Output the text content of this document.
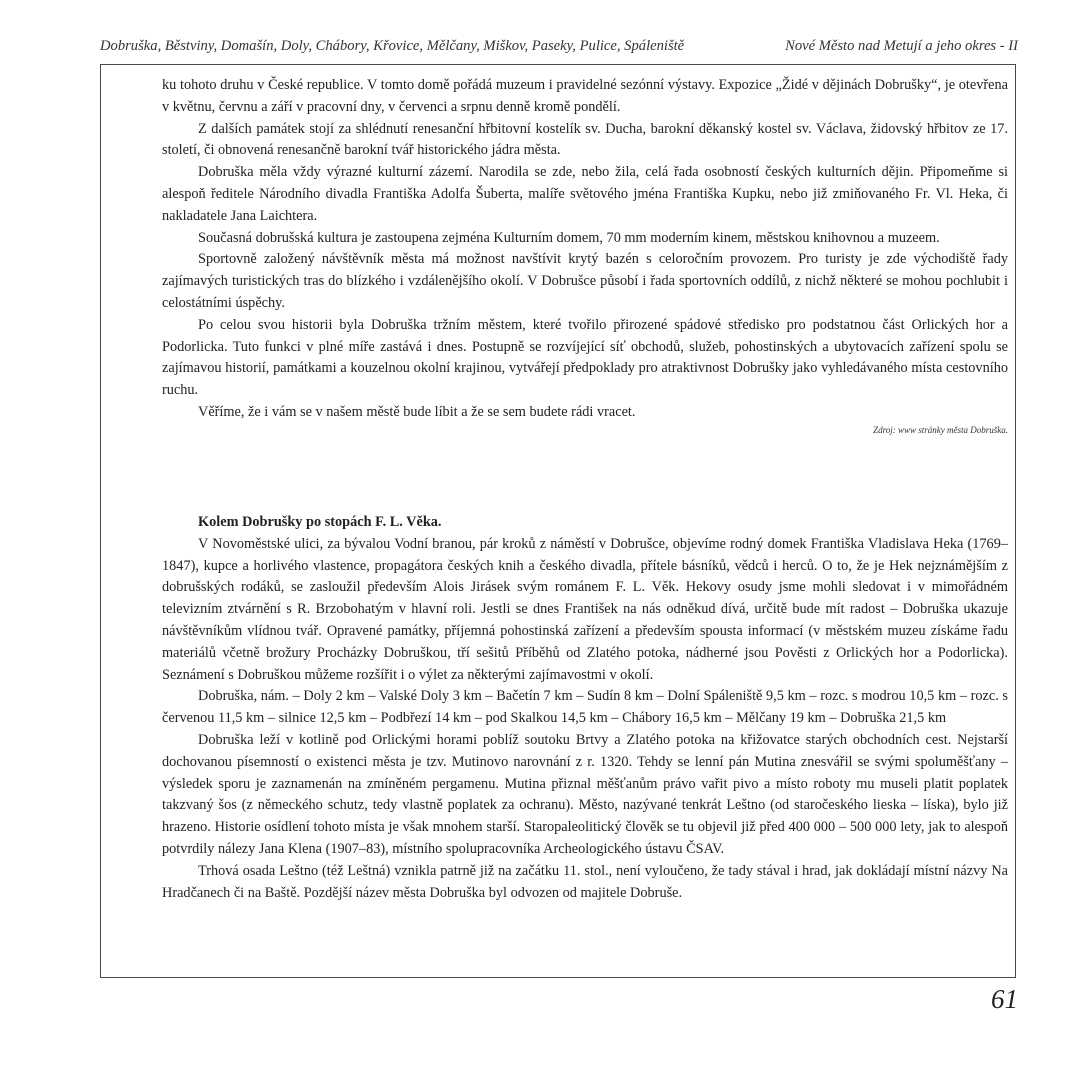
Dobruška, Běstviny, Domašín, Doly, Chábory, Křovice, Mělčany, Miškov, Paseky, Pulice, Spáleniště	Nové Město nad Metují a jeho okres - II

ku tohoto druhu v České republice. V tomto domě pořádá muzeum i pravidelné sezónní výstavy. Expozice „Židé v dějinách Dobrušky“, je otevřena v květnu, červnu a září v pracovní dny, v červenci a srpnu denně kromě pondělí.

Z dalších památek stojí za shlédnutí renesanční hřbitovní kostelík sv. Ducha, barokní děkanský kostel sv. Václava, židovský hřbitov ze 17. století, či obnovená renesančně barokní tvář historického jádra města.

Dobruška měla vždy výrazné kulturní zázemí. Narodila se zde, nebo žila, celá řada osobností českých kulturních dějin. Připomeňme si alespoň ředitele Národního divadla Františka Adolfa Šuberta, malíře světového jména Františka Kupku, nebo již zmiňovaného Fr. Vl. Heka, či nakladatele Jana Laichtera.

Současná dobrušská kultura je zastoupena zejména Kulturním domem, 70 mm moderním kinem, městskou knihovnou a muzeem.

Sportovně založený návštěvník města má možnost navštívit krytý bazén s celoročním provozem. Pro turisty je zde východiště řady zajímavých turistických tras do blízkého i vzdálenějšího okolí. V Dobrušce působí i řada sportovních oddílů, z nichž některé se mohou pochlubit i celostátními úspěchy.

Po celou svou historii byla Dobruška tržním městem, které tvořilo přirozené spádové středisko pro podstatnou část Orlických hor a Podorlicka. Tuto funkci v plné míře zastává i dnes. Postupně se rozvíjející síť obchodů, služeb, pohostinských a ubytovacích zařízení spolu se zajímavou historií, památkami a kouzelnou okolní krajinou, vytvářejí předpoklady pro atraktivnost Dobrušky jako vyhledávaného místa cestovního ruchu.

Věříme, že i vám se v našem městě bude líbit a že se sem budete rádi vracet.

Zdroj: www stránky města Dobruška.

Kolem Dobrušky po stopách F. L. Věka.

V Novoměstské ulici, za bývalou Vodní branou, pár kroků z náměstí v Dobrušce, objevíme rodný domek Františka Vladislava Heka (1769–1847), kupce a horlivého vlastence, propagátora českých knih a českého divadla, přítele básníků, vědců i herců. O to, že je Hek nejznámějším z dobrušských rodáků, se zasloužil především Alois Jirásek svým románem F. L. Věk. Hekovy osudy jsme mohli sledovat i v mimořádném televizním ztvárnění s R. Brzobohatým v hlavní roli. Jestli se dnes František na nás odněkud dívá, určitě bude mít radost – Dobruška ukazuje návštěvníkům vlídnou tvář. Opravené památky, příjemná pohostinská zařízení a především spousta informací (v městském muzeu získáme řadu materiálů včetně brožury Procházky Dobruškou, tří sešitů Příběhů od Zlatého potoka, nádherné jsou Pověsti z Orlických hor a Podorlicka). Seznámení s Dobruškou můžeme rozšířit i o výlet za některými zajímavostmi v okolí.

Dobruška, nám. – Doly 2 km – Valské Doly 3 km – Bačetín 7 km – Sudín 8 km – Dolní Spáleniště 9,5 km – rozc. s modrou 10,5 km – rozc. s červenou 11,5 km – silnice 12,5 km – Podbřezí 14 km – pod Skalkou 14,5 km – Chábory 16,5 km – Mělčany 19 km – Dobruška 21,5 km

Dobruška leží v kotlině pod Orlickými horami poblíž soutoku Brtvy a Zlatého potoka na křižovatce starých obchodních cest. Nejstarší dochovanou písemností o existenci města je tzv. Mutinovo narovnání z r. 1320. Tehdy se lenní pán Mutina znesvářil se svými spoluměšťany – výsledek sporu je zaznamenán na zmíněném pergamenu. Mutina přiznal měšťanům právo vařit pivo a místo roboty mu museli platit poplatek takzvaný šos (z německého schutz, tedy vlastně poplatek za ochranu). Město, nazývané tenkrát Leštno (od staročeského lieska – líska), bylo již hrazeno. Historie osídlení tohoto místa je však mnohem starší. Staropaleolitický člověk se tu objevil již před 400 000 – 500 000 lety, jak to alespoň potvrdily nálezy Jana Klena (1907–83), místního spolupracovníka Archeologického ústavu ČSAV.

Trhová osada Leštno (též Leštná) vznikla patrně již na začátku 11. stol., není vyloučeno, že tady stával i hrad, jak dokládají místní názvy Na Hradčanech či na Baště. Pozdější název města Dobruška byl odvozen od majitele Dobruše.

61
